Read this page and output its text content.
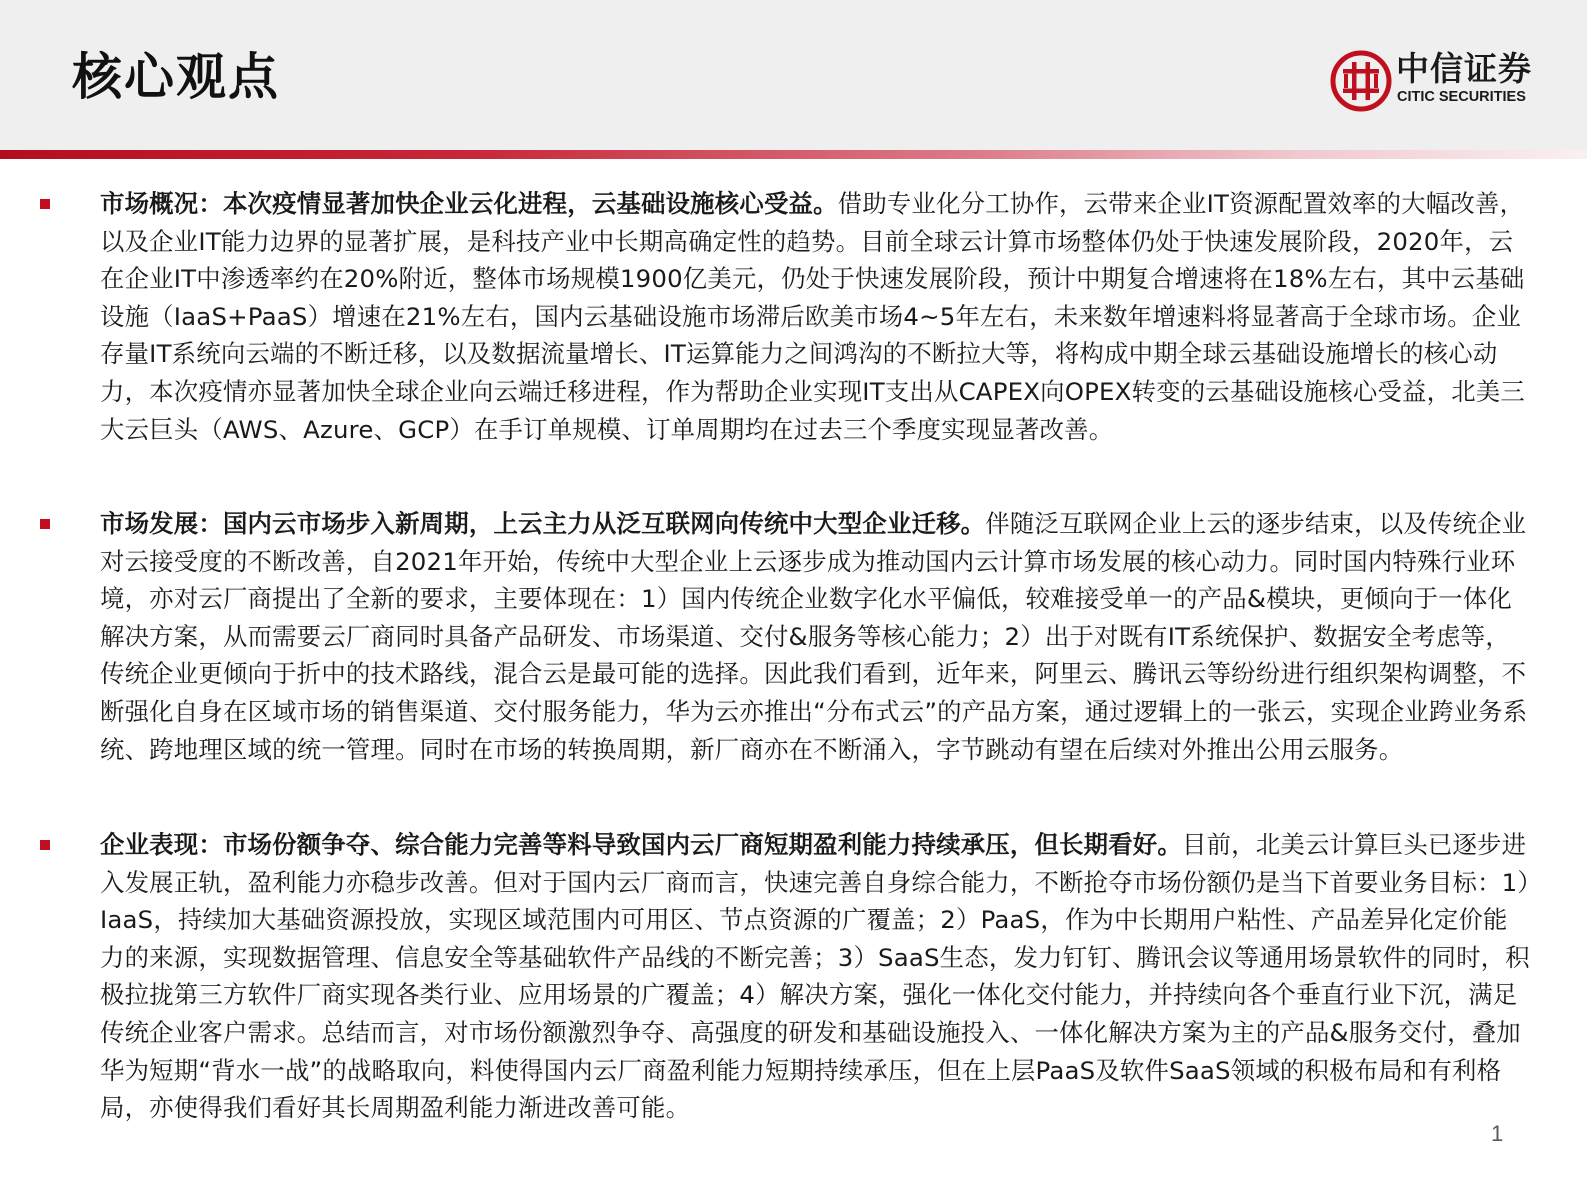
核心观点	中信证券
CITIC SECURITIES

市场概况：本次疫情显著加快企业云化进程，云基础设施核心受益。借助专业化分工协作，云带来企业IT资源配置效率的大幅改善，以及企业IT能力边界的显著扩展，是科技产业中长期高确定性的趋势。目前全球云计算市场整体仍处于快速发展阶段，2020年，云在企业IT中渗透率约在20%附近，整体市场规模1900亿美元，仍处于快速发展阶段，预计中期复合增速将在18%左右，其中云基础设施（IaaS+PaaS）增速在21%左右，国内云基础设施市场滞后欧美市场4~5年左右，未来数年增速料将显著高于全球市场。企业存量IT系统向云端的不断迁移，以及数据流量增长、IT运算能力之间鸿沟的不断拉大等，将构成中期全球云基础设施增长的核心动力，本次疫情亦显著加快全球企业向云端迁移进程，作为帮助企业实现IT支出从CAPEX向OPEX转变的云基础设施核心受益，北美三大云巨头（AWS、Azure、GCP）在手订单规模、订单周期均在过去三个季度实现显著改善。

市场发展：国内云市场步入新周期，上云主力从泛互联网向传统中大型企业迁移。伴随泛互联网企业上云的逐步结束，以及传统企业对云接受度的不断改善，自2021年开始，传统中大型企业上云逐步成为推动国内云计算市场发展的核心动力。同时国内特殊行业环境，亦对云厂商提出了全新的要求，主要体现在：1）国内传统企业数字化水平偏低，较难接受单一的产品&模块，更倾向于一体化解决方案，从而需要云厂商同时具备产品研发、市场渠道、交付&服务等核心能力；2）出于对既有IT系统保护、数据安全考虑等，传统企业更倾向于折中的技术路线，混合云是最可能的选择。因此我们看到，近年来，阿里云、腾讯云等纷纷进行组织架构调整，不断强化自身在区域市场的销售渠道、交付服务能力，华为云亦推出“分布式云”的产品方案，通过逻辑上的一张云，实现企业跨业务系统、跨地理区域的统一管理。同时在市场的转换周期，新厂商亦在不断涌入，字节跳动有望在后续对外推出公用云服务。

企业表现：市场份额争夺、综合能力完善等料导致国内云厂商短期盈利能力持续承压，但长期看好。目前，北美云计算巨头已逐步进入发展正轨，盈利能力亦稳步改善。但对于国内云厂商而言，快速完善自身综合能力，不断抢夺市场份额仍是当下首要业务目标：1）IaaS，持续加大基础资源投放，实现区域范围内可用区、节点资源的广覆盖；2）PaaS，作为中长期用户粘性、产品差异化定价能力的来源，实现数据管理、信息安全等基础软件产品线的不断完善；3）SaaS生态，发力钉钉、腾讯会议等通用场景软件的同时，积极拉拢第三方软件厂商实现各类行业、应用场景的广覆盖；4）解决方案，强化一体化交付能力，并持续向各个垂直行业下沉，满足传统企业客户需求。总结而言，对市场份额激烈争夺、高强度的研发和基础设施投入、一体化解决方案为主的产品&服务交付，叠加华为短期“背水一战”的战略取向，料使得国内云厂商盈利能力短期持续承压，但在上层PaaS及软件SaaS领域的积极布局和有利格局，亦使得我们看好其长周期盈利能力渐进改善可能。

1
